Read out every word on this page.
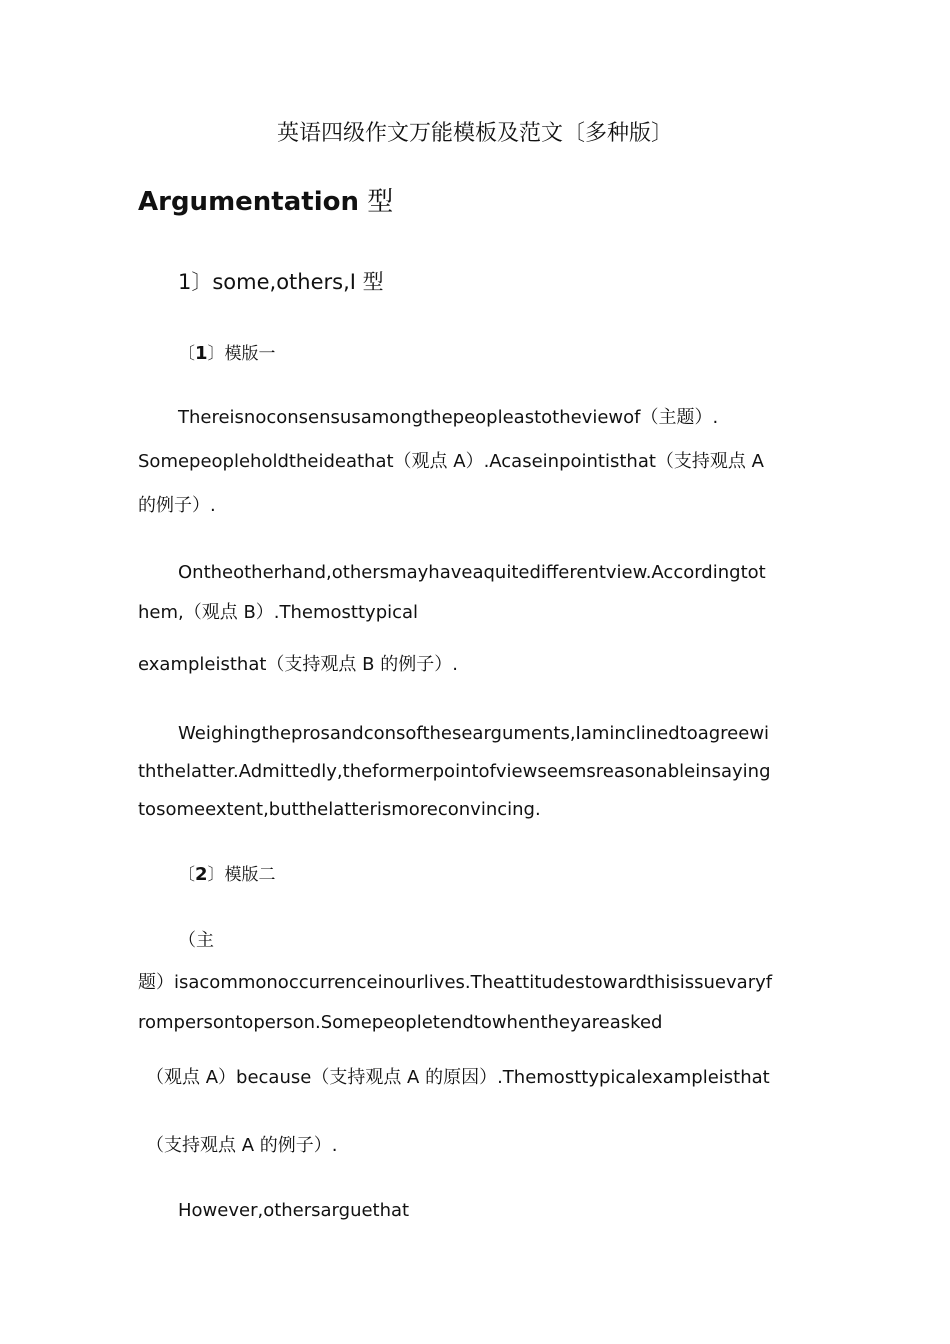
英语四级作文万能模板及范文〔多种版〕
Argumentation 型
1〕some,others,I 型
〔1〕模版一
Thereisnoconsensusamongthepeopleastotheviewof（主题）.
Somepeopleholdtheideathat（观点 A）.Acaseinpointisthat（支持观点 A
的例子）.
Ontheotherhand,othersmayhaveaquitedifferentview.Accordingtot
hem,（观点 B）.Themosttypical
exampleisthat（支持观点 B 的例子）.
Weighingtheprosandconsofthesearguments,Iaminclinedtoagreewi
ththelatter.Admittedly,theformerpointofviewseemsreasonableinsaying
tosomeextent,butthelatterismoreconvincing.
〔2〕模版二
（主
题）isacommonoccurrenceinourlives.Theattitudestowardthisissuevaryf
rompersontoperson.Somepeopletendtowhentheyareasked
（观点 A）because（支持观点 A 的原因）.Themosttypicalexampleisthat
（支持观点 A 的例子）.
However,othersarguethat
